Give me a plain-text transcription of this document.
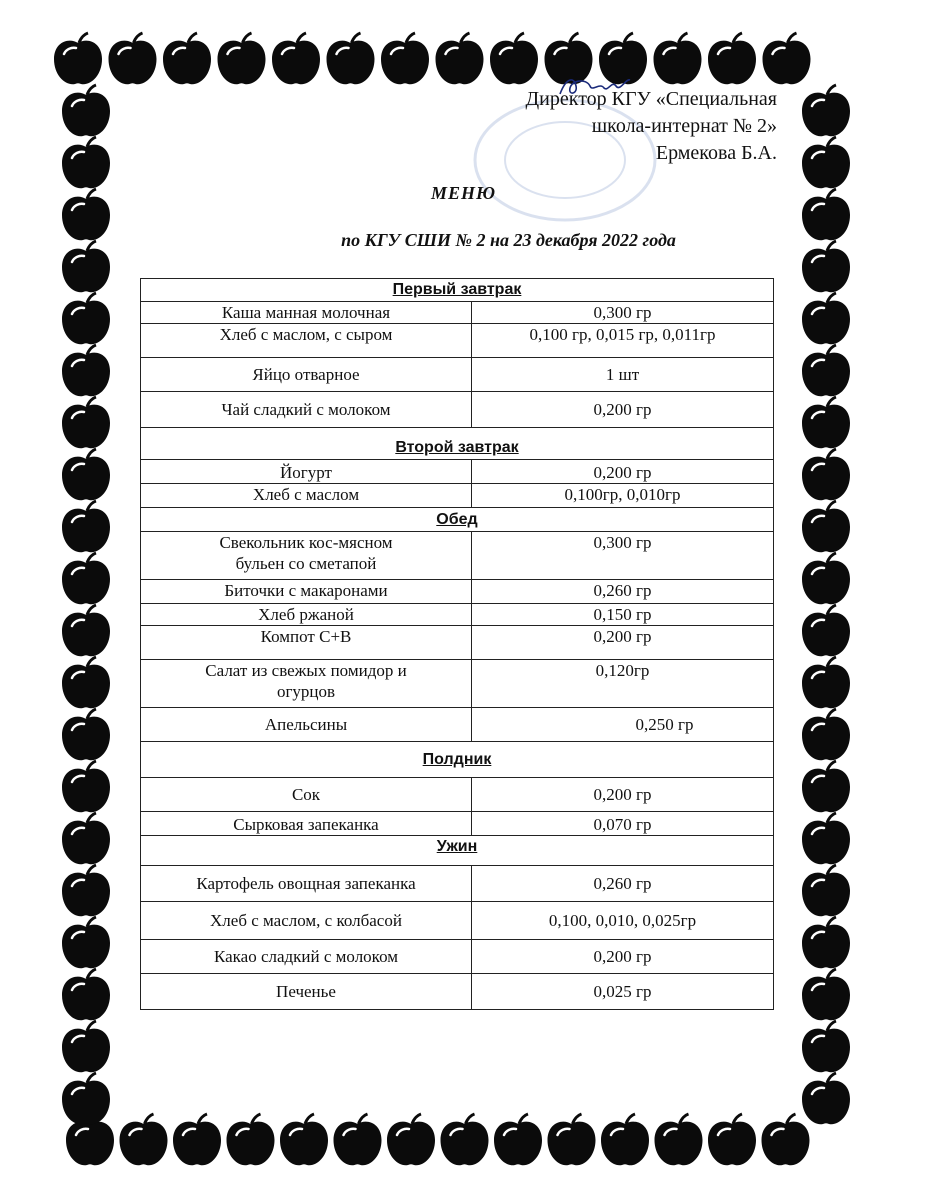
Директор КГУ «Специальная
школа-интернат № 2»
Ермекова Б.А.
МЕНЮ
по КГУ СШИ № 2 на 23 декабря 2022 года
Первый завтрак	
Каша манная молочная	0,300 гр
Хлеб с маслом, с сыром	0,100 гр, 0,015 гр, 0,011гр
Яйцо отварное	1 шт
Чай сладкий с молоком	0,200 гр
Второй завтрак	
Йогурт	0,200 гр
Хлеб с маслом	0,100гр, 0,010гр
Обед	

Свекольник кос-мясном
бульен со сметапой	0,300 гр
Биточки с макаронами	0,260 гр
Хлеб ржаной	0,150 гр
Компот С+В	0,200 гр

Салат из свежых помидор и
огурцов	0,120гр
Апельсины	0,250 гр
Полдник	
Сок	0,200 гр
Сырковая запеканка	0,070 гр
Ужин	
Картофель овощная запеканка	0,260 гр
Хлеб с маслом, с колбасой	0,100, 0,010, 0,025гр
Какао сладкий с молоком	0,200 гр
Печенье	0,025 гр
